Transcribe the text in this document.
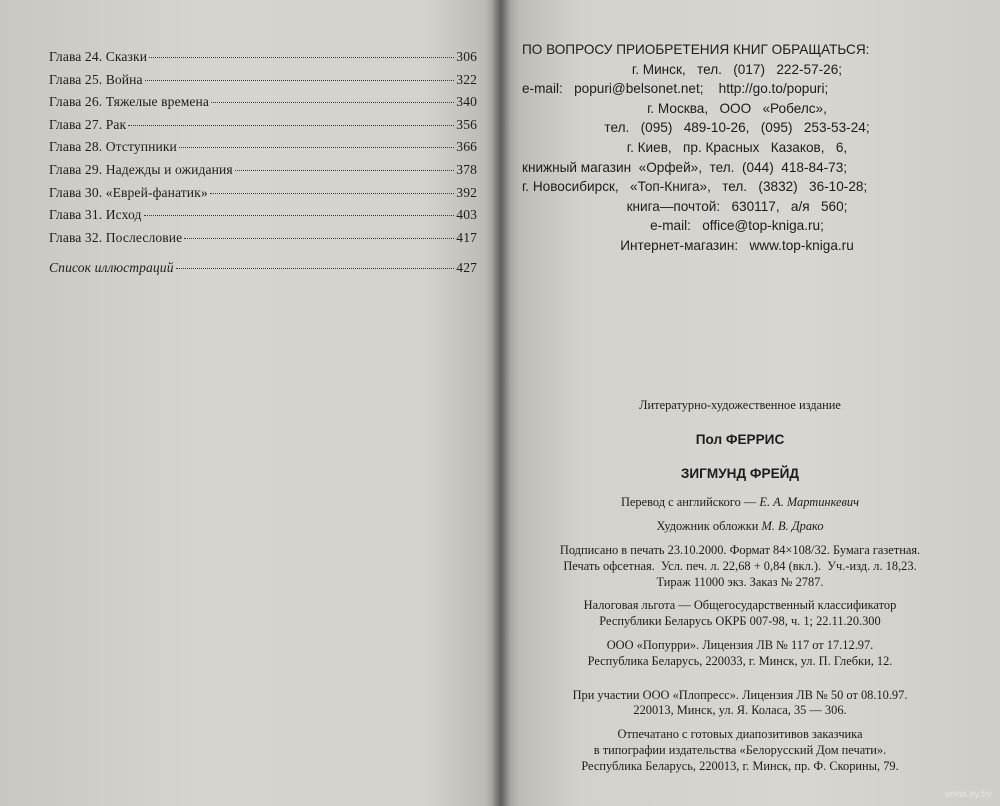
Глава 24. Сказки	306
Глава 25. Война	322
Глава 26. Тяжелые времена	340
Глава 27. Рак	356
Глава 28. Отступники	366
Глава 29. Надежды и ожидания	378
Глава 30. «Еврей-фанатик»	392
Глава 31. Исход	403
Глава 32. Послесловие	417
Список иллюстраций	427
ПО ВОПРОСУ ПРИОБРЕТЕНИЯ КНИГ ОБРАЩАТЬСЯ:
г. Минск,   тел.   (017)   222-57-26;
e-mail:   popuri@belsonet.net;    http://go.to/popuri;
г. Москва,   ООО   «Робелс»,
тел.   (095)   489-10-26,   (095)   253-53-24;
г. Киев,   пр. Красных   Казаков,   6,
книжный магазин  «Орфей»,  тел.  (044)  418-84-73;
г. Новосибирск,   «Топ-Книга»,   тел.   (3832)   36-10-28;
книга—почтой:   630117,   а/я   560;
e-mail:   office@top-kniga.ru;
Интернет-магазин:   www.top-kniga.ru
Литературно-художественное издание
Пол ФЕРРИС
ЗИГМУНД ФРЕЙД
Перевод с английского — Е. А. Мартинкевич
Художник обложки М. В. Драко
Подписано в печать 23.10.2000. Формат 84×108/32. Бумага газетная.
Печать офсетная.  Усл. печ. л. 22,68 + 0,84 (вкл.).  Уч.-изд. л. 18,23.
Тираж 11000 экз. Заказ № 2787.
Налоговая льгота — Общегосударственный классификатор
Республики Беларусь ОКРБ 007-98, ч. 1; 22.11.20.300
ООО «Попурри». Лицензия ЛВ № 117 от 17.12.97.
Республика Беларусь, 220033, г. Минск, ул. П. Глебки, 12.
При участии ООО «Плопресс». Лицензия ЛВ № 50 от 08.10.97.
220013, Минск, ул. Я. Коласа, 35 — 306.
Отпечатано с готовых диапозитивов заказчика
в типографии издательства «Белорусский Дом печати».
Республика Беларусь, 220013, г. Минск, пр. Ф. Скорины, 79.
www.ay.by
